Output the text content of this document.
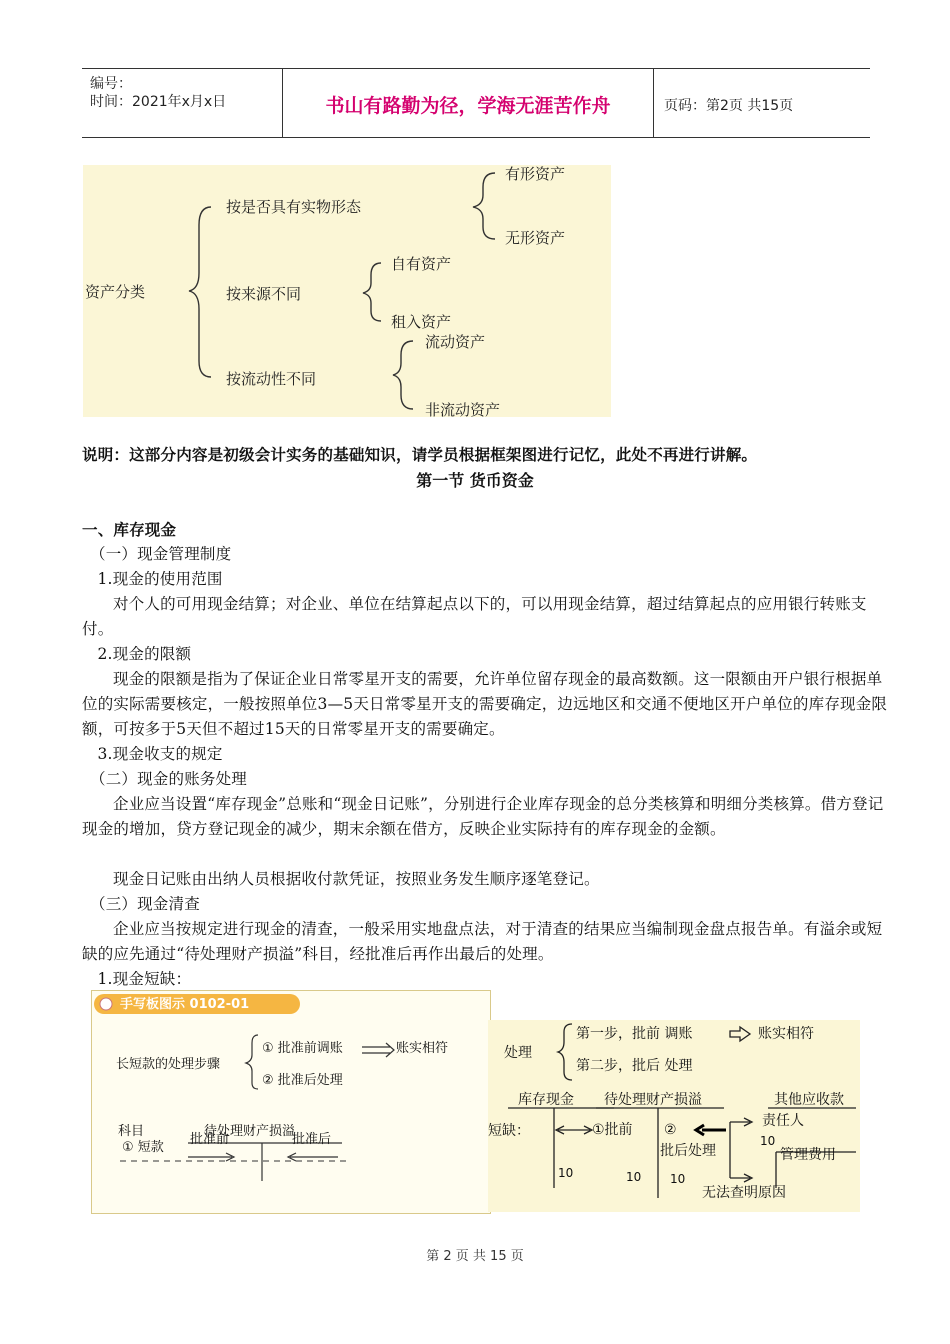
编号：
时间：2021年x月x日	书山有路勤为径，学海无涯苦作舟	页码：第2页 共15页
资产分类
按是否具有实物形态
有形资产
无形资产
按来源不同
自有资产
租入资产
按流动性不同
流动资产
非流动资产
说明：这部分内容是初级会计实务的基础知识，请学员根据框架图进行记忆，此处不再进行讲解。
第一节 货币资金
一、库存现金
（一）现金管理制度
1.现金的使用范围
对个人的可用现金结算；对企业、单位在结算起点以下的，可以用现金结算，超过结算起点的应用银行转账支付。
2.现金的限额
现金的限额是指为了保证企业日常零星开支的需要，允许单位留存现金的最高数额。这一限额由开户银行根据单位的实际需要核定，一般按照单位3—5天日常零星开支的需要确定，边远地区和交通不便地区开户单位的库存现金限额，可按多于5天但不超过15天的日常零星开支的需要确定。
3.现金收支的规定
（二）现金的账务处理
企业应当设置“库存现金”总账和“现金日记账”，分别进行企业库存现金的总分类核算和明细分类核算。借方登记现金的增加，贷方登记现金的减少，期末余额在借方，反映企业实际持有的库存现金的金额。
现金日记账由出纳人员根据收付款凭证，按照业务发生顺序逐笔登记。
（三）现金清查
企业应当按规定进行现金的清查，一般采用实地盘点法，对于清查的结果应当编制现金盘点报告单。有溢余或短缺的应先通过“待处理财产损溢”科目，经批准后再作出最后的处理。
1.现金短缺：
手写板图示 0102-01
长短款的处理步骤
① 批准前调账	账实相符
② 批准后处理
待处理财产损溢
科目
① 短款
批准前	批准后
处理
第一步，批前 调账	账实相符
第二步，批后 处理
库存现金 待处理财产损溢	其他应收款
短缺：	①批前 ②
批后处理
责任人
管理费用
无法查明原因
10
10	10 10
第 2 页 共 15 页
